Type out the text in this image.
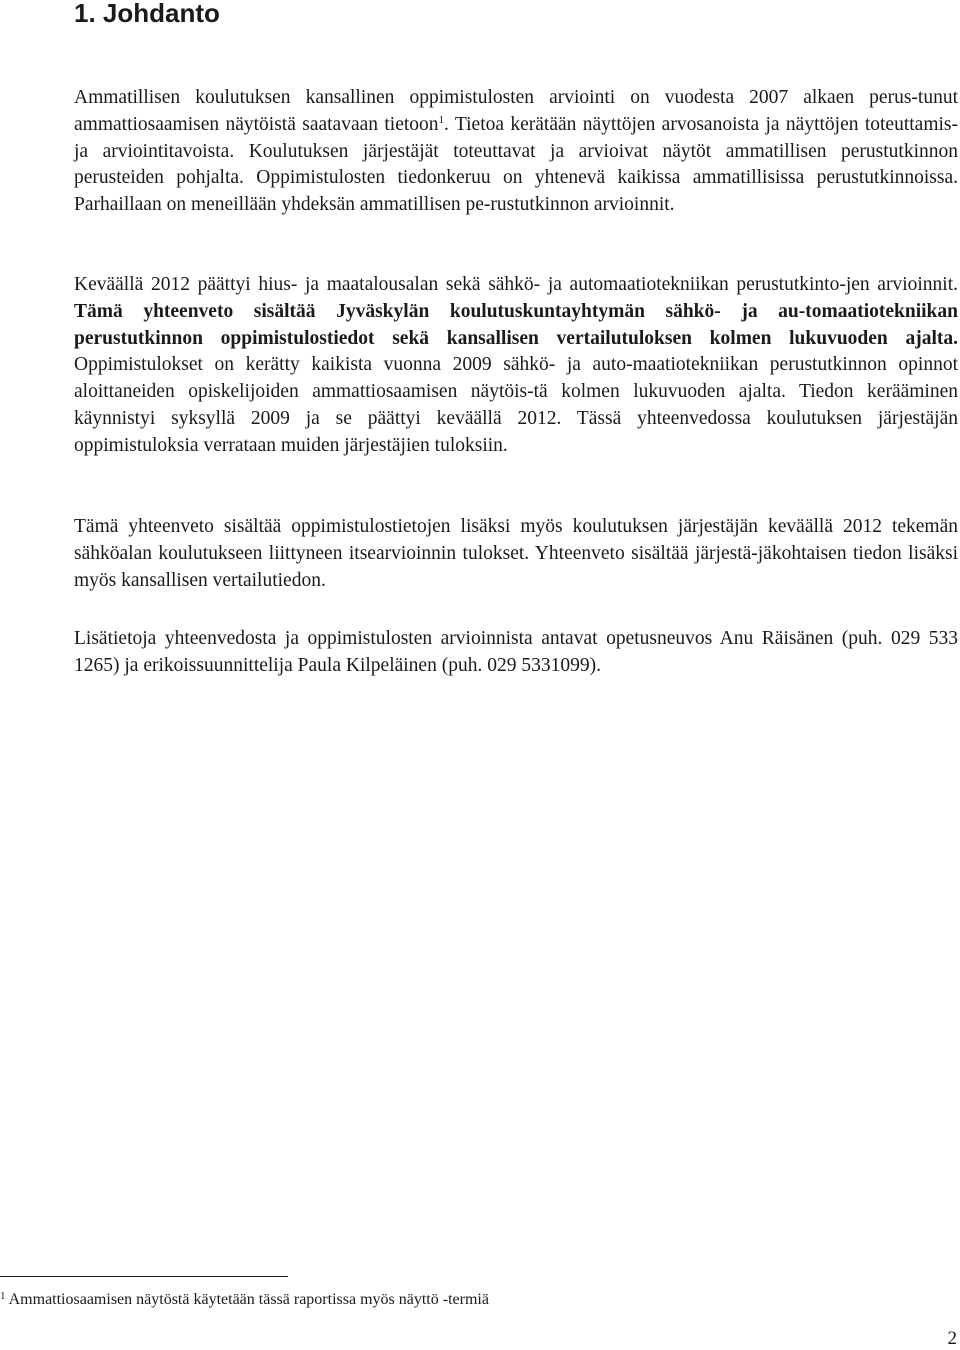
1. Johdanto

Ammatillisen koulutuksen kansallinen oppimistulosten arviointi on vuodesta 2007 alkaen perus-tunut ammattiosaamisen näytöistä saatavaan tietoon$^1$. Tietoa kerätään näyttöjen arvosanoista ja näyttöjen toteuttamis- ja arviointitavoista. Koulutuksen järjestäjät toteuttavat ja arvioivat näytöt ammatillisen perustutkinnon perusteiden pohjalta. Oppimistulosten tiedonkeruu on yhtenevä kaikissa ammatillisissa perustutkinnoissa. Parhaillaan on meneillään yhdeksän ammatillisen pe-rustutkinnon arvioinnit.

Keväällä 2012 päättyi hius- ja maatalousalan sekä sähkö- ja automaatiotekniikan perustutkinto-jen arvioinnit. Tämä yhteenveto sisältää Jyväskylän koulutuskuntayhtymän sähkö- ja au-tomaatiotekniikan perustutkinnon oppimistulostiedot sekä kansallisen vertailutuloksen kolmen lukuvuoden ajalta. Oppimistulokset on kerätty kaikista vuonna 2009 sähkö- ja auto-maatiotekniikan perustutkinnon opinnot aloittaneiden opiskelijoiden ammattiosaamisen näytöis-tä kolmen lukuvuoden ajalta. Tiedon kerääminen käynnistyi syksyllä 2009 ja se päättyi keväällä 2012. Tässä yhteenvedossa koulutuksen järjestäjän oppimistuloksia verrataan muiden järjestäjien tuloksiin.

Tämä yhteenveto sisältää oppimistulostietojen lisäksi myös koulutuksen järjestäjän keväällä 2012 tekemän sähköalan koulutukseen liittyneen itsearvioinnin tulokset. Yhteenveto sisältää järjestä-jäkohtaisen tiedon lisäksi myös kansallisen vertailutiedon.

Lisätietoja yhteenvedosta ja oppimistulosten arvioinnista antavat opetusneuvos Anu Räisänen (puh. 029 533 1265) ja erikoissuunnittelija Paula Kilpeläinen (puh. 029 5331099).

$^1$ Ammattiosaamisen näytöstä käytetään tässä raportissa myös näyttö -termiä
2
